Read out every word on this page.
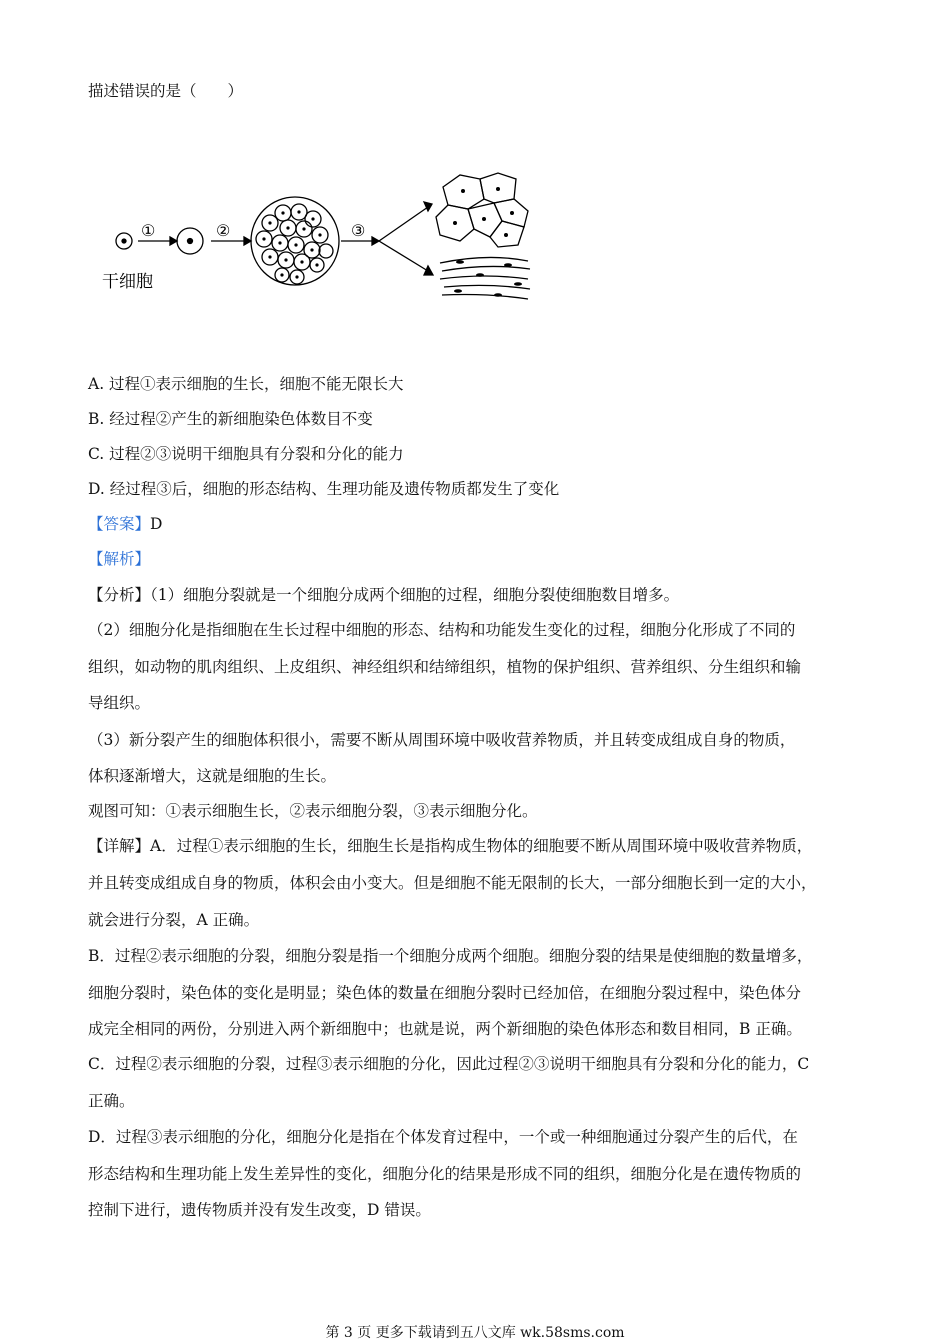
描述错误的是（　　）
①	②	③
干细胞
A. 过程①表示细胞的生长，细胞不能无限长大
B. 经过程②产生的新细胞染色体数目不变
C. 过程②③说明干细胞具有分裂和分化的能力
D. 经过程③后，细胞的形态结构、生理功能及遗传物质都发生了变化
【答案】D
【解析】
【分析】（1）细胞分裂就是一个细胞分成两个细胞的过程，细胞分裂使细胞数目增多。
（2）细胞分化是指细胞在生长过程中细胞的形态、结构和功能发生变化的过程，细胞分化形成了不同的
组织，如动物的肌肉组织、上皮组织、神经组织和结缔组织，植物的保护组织、营养组织、分生组织和输
导组织。
（3）新分裂产生的细胞体积很小，需要不断从周围环境中吸收营养物质，并且转变成组成自身的物质，
体积逐渐增大，这就是细胞的生长。
观图可知：①表示细胞生长，②表示细胞分裂，③表示细胞分化。
【详解】A．过程①表示细胞的生长，细胞生长是指构成生物体的细胞要不断从周围环境中吸收营养物质，
并且转变成组成自身的物质，体积会由小变大。但是细胞不能无限制的长大，一部分细胞长到一定的大小，
就会进行分裂，A 正确。
B．过程②表示细胞的分裂，细胞分裂是指一个细胞分成两个细胞。细胞分裂的结果是使细胞的数量增多，
细胞分裂时，染色体的变化是明显；染色体的数量在细胞分裂时已经加倍，在细胞分裂过程中，染色体分
成完全相同的两份，分别进入两个新细胞中；也就是说，两个新细胞的染色体形态和数目相同，B 正确。
C．过程②表示细胞的分裂，过程③表示细胞的分化，因此过程②③说明干细胞具有分裂和分化的能力，C
正确。
D．过程③表示细胞的分化，细胞分化是指在个体发育过程中，一个或一种细胞通过分裂产生的后代，在
形态结构和生理功能上发生差异性的变化，细胞分化的结果是形成不同的组织，细胞分化是在遗传物质的
控制下进行，遗传物质并没有发生改变，D 错误。
第 3 页 更多下载请到五八文库 wk.58sms.com
